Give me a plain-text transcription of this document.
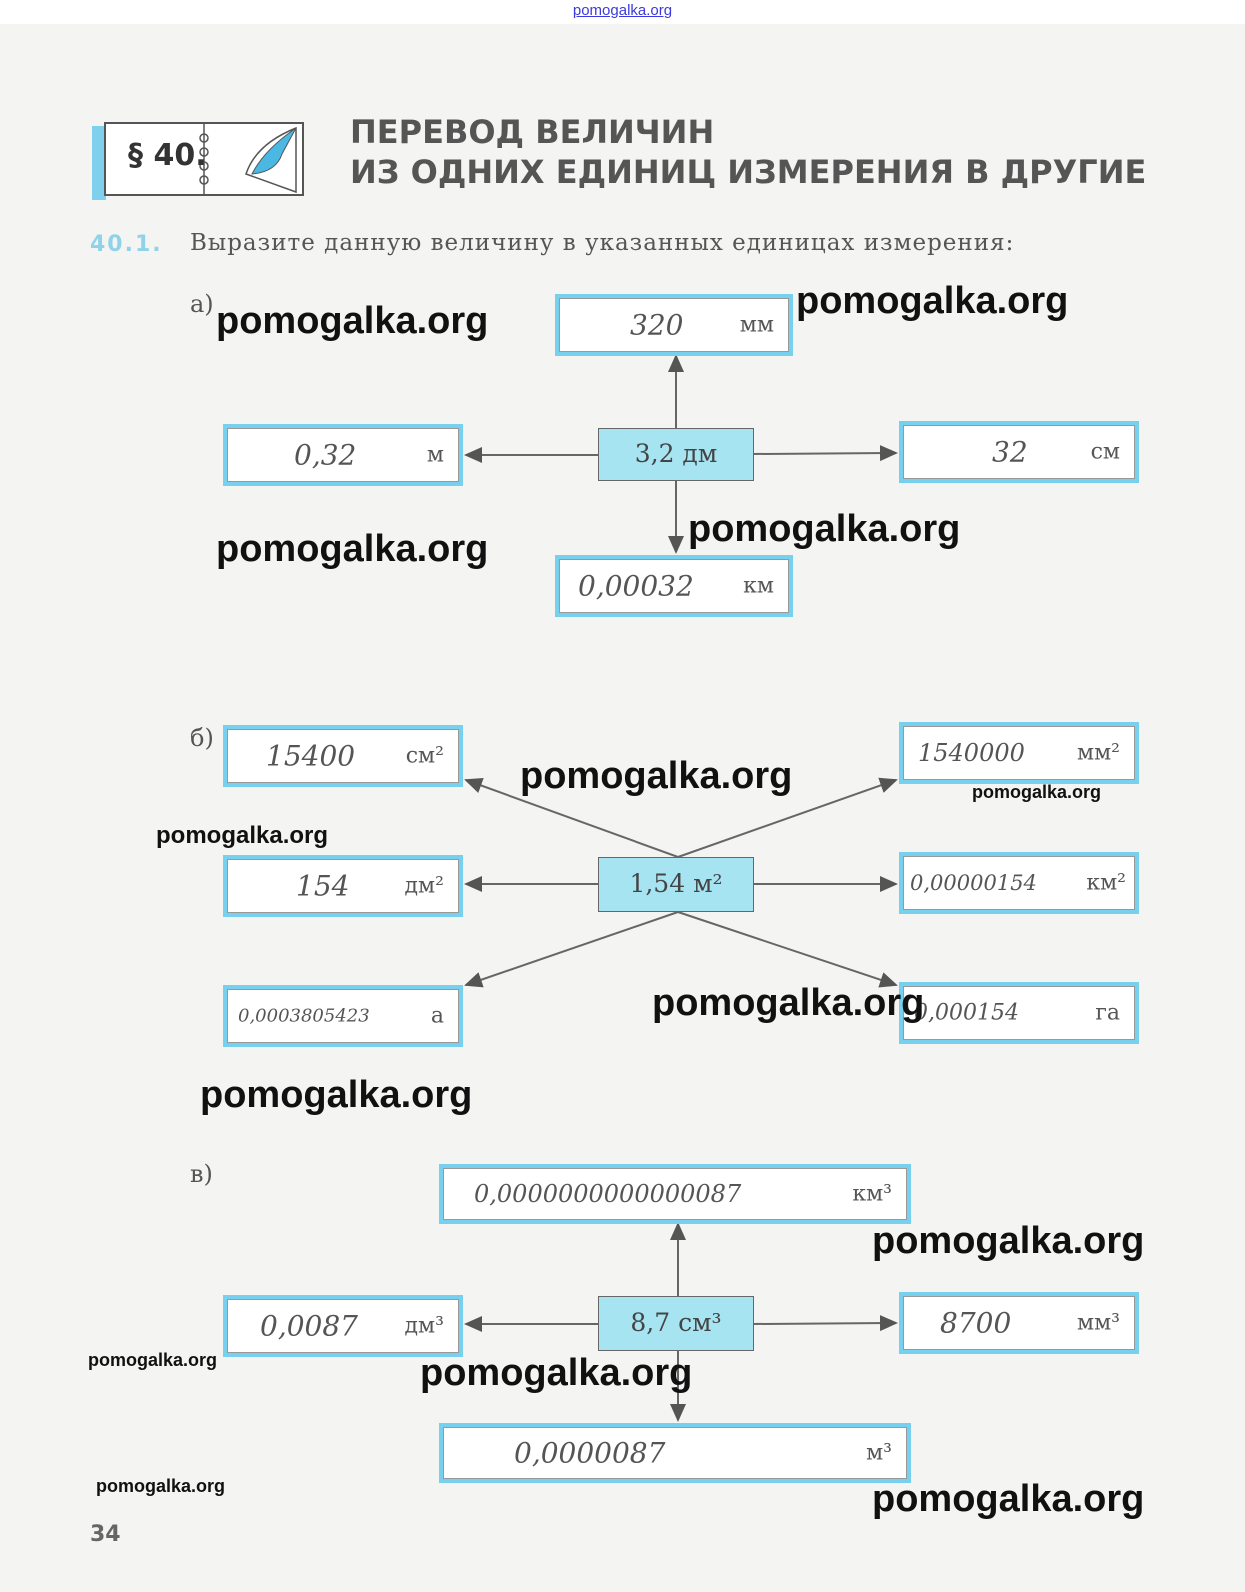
pomogalka.org
§ 40.
ПЕРЕВОД ВЕЛИЧИН
ИЗ ОДНИХ ЕДИНИЦ ИЗМЕРЕНИЯ В ДРУГИЕ
40.1. Выразите данную величину в указанных единицах измерения:
а)
320	мм
0,32	м	32	см
0,00032 км
3,2 дм
б)
15400 см²	1540000 мм²
154	дм²	0,00000154 км²
0,0003805423	а	0,000154	га
1,54 м²
в)
0,0000000000000087	км³
0,0087 дм³	8700	мм³
0,0000087	м³
8,7 см³
pomogalka.org	pomogalka.org
pomogalka.org	pomogalka.org
pomogalka.org	pomogalka.org
pomogalka.org
pomogalka.org
pomogalka.org
pomogalka.org
pomogalka.org	pomogalka.org
pomogalka.org	pomogalka.org
34
